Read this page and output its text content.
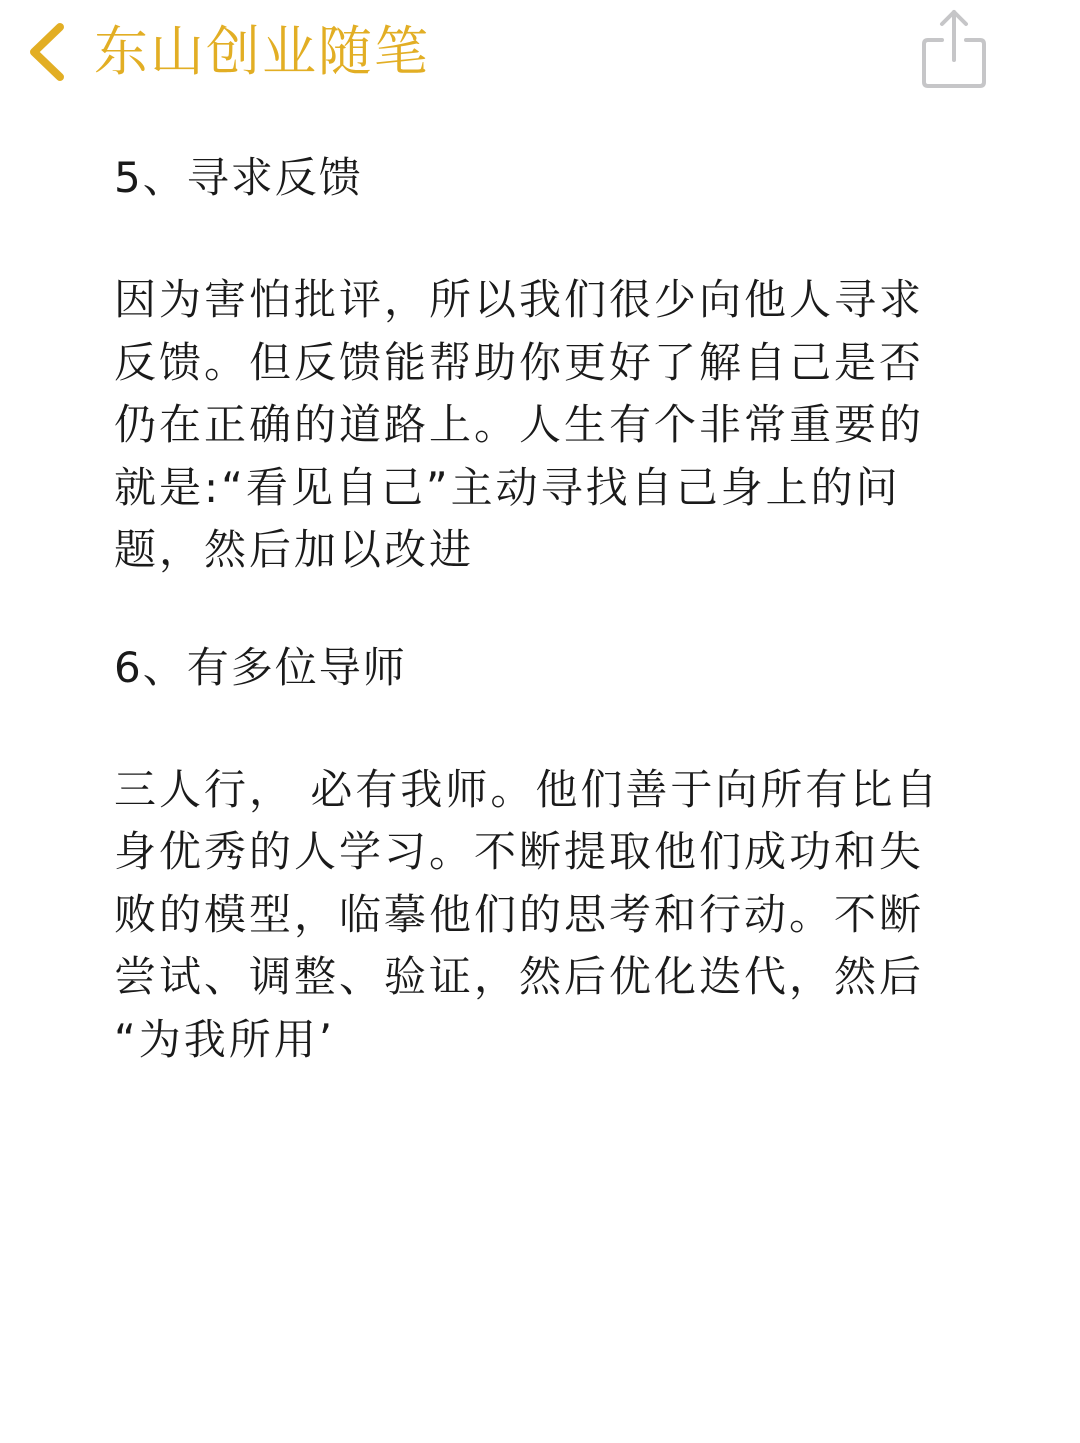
东山创业随笔

5、寻求反馈

因为害怕批评，所以我们很少向他人寻求

反馈。但反馈能帮助你更好了解自己是否

仍在正确的道路上。人生有个非常重要的

就是:“看见自己”主动寻找自己身上的问

题，然后加以改进

6、有多位导师

三人行， 必有我师。他们善于向所有比自

身优秀的人学习。不断提取他们成功和失

败的模型，临摹他们的思考和行动。不断

尝试、调整、验证，然后优化迭代，然后

“为我所用’
